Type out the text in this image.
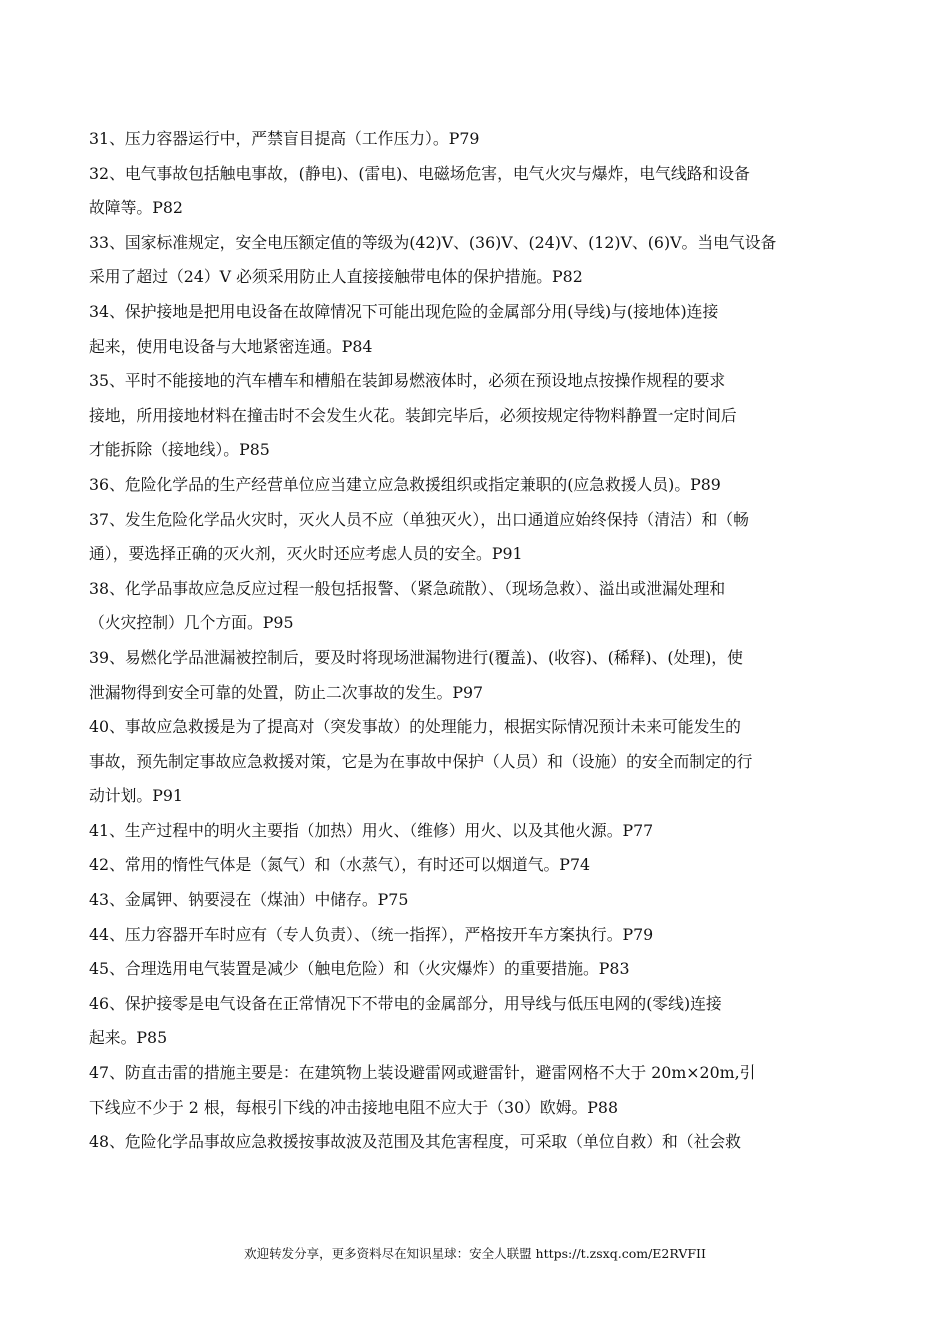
31、压力容器运行中，严禁盲目提高（工作压力）。P79
32、电气事故包括触电事故，(静电)、(雷电)、电磁场危害，电气火灾与爆炸，电气线路和设备
故障等。P82
33、国家标准规定，安全电压额定值的等级为(42)V、(36)V、(24)V、(12)V、(6)V。当电气设备
采用了超过（24）V 必须采用防止人直接接触带电体的保护措施。P82
34、保护接地是把用电设备在故障情况下可能出现危险的金属部分用(导线)与(接地体)连接
起来，使用电设备与大地紧密连通。P84
35、平时不能接地的汽车槽车和槽船在装卸易燃液体时，必须在预设地点按操作规程的要求
接地，所用接地材料在撞击时不会发生火花。装卸完毕后，必须按规定待物料静置一定时间后
才能拆除（接地线）。P85
36、危险化学品的生产经营单位应当建立应急救援组织或指定兼职的(应急救援人员)。P89
37、发生危险化学品火灾时，灭火人员不应（单独灭火），出口通道应始终保持（清洁）和（畅
通），要选择正确的灭火剂，灭火时还应考虑人员的安全。P91
38、化学品事故应急反应过程一般包括报警、（紧急疏散）、（现场急救）、溢出或泄漏处理和
（火灾控制）几个方面。P95
39、易燃化学品泄漏被控制后，要及时将现场泄漏物进行(覆盖)、(收容)、(稀释)、(处理)，使
泄漏物得到安全可靠的处置，防止二次事故的发生。P97
40、事故应急救援是为了提高对（突发事故）的处理能力，根据实际情况预计未来可能发生的
事故，预先制定事故应急救援对策，它是为在事故中保护（人员）和（设施）的安全而制定的行
动计划。P91
41、生产过程中的明火主要指（加热）用火、（维修）用火、以及其他火源。P77
42、常用的惰性气体是（氮气）和（水蒸气），有时还可以烟道气。P74
43、金属钾、钠要浸在（煤油）中储存。P75
44、压力容器开车时应有（专人负责）、（统一指挥），严格按开车方案执行。P79
45、合理选用电气装置是减少（触电危险）和（火灾爆炸）的重要措施。P83
46、保护接零是电气设备在正常情况下不带电的金属部分，用导线与低压电网的(零线)连接
起来。P85
47、防直击雷的措施主要是：在建筑物上装设避雷网或避雷针，避雷网格不大于 20m×20m,引
下线应不少于 2 根，每根引下线的冲击接地电阻不应大于（30）欧姆。P88
48、危险化学品事故应急救援按事故波及范围及其危害程度，可采取（单位自救）和（社会救
欢迎转发分享，更多资料尽在知识星球：安全人联盟 https://t.zsxq.com/E2RVFII
